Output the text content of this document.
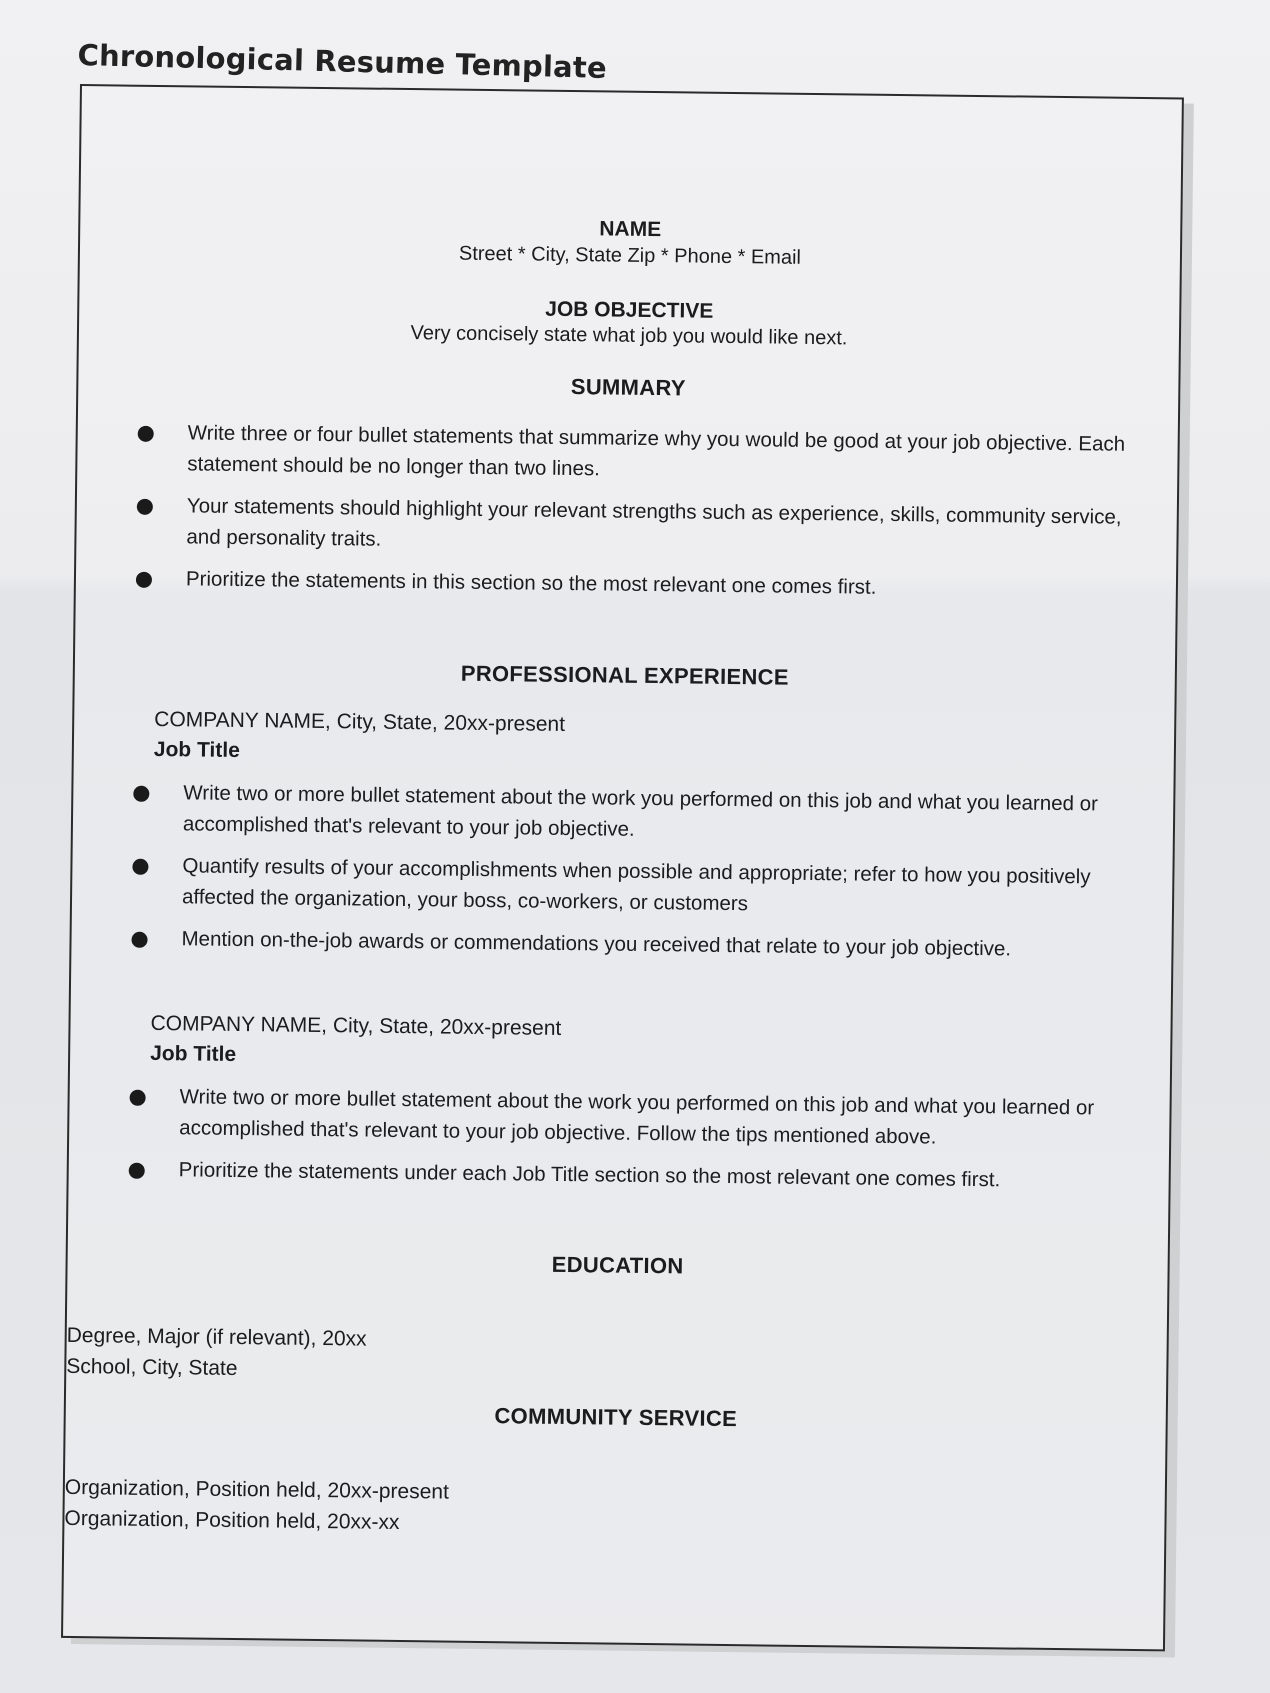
Chronological Resume Template
NAME
Street * City, State Zip * Phone * Email
JOB OBJECTIVE
Very concisely state what job you would like next.
SUMMARY
Write three or four bullet statements that summarize why you would be good at your job objective. Each statement should be no longer than two lines.
Your statements should highlight your relevant strengths such as experience, skills, community service, and personality traits.
Prioritize the statements in this section so the most relevant one comes first.
PROFESSIONAL EXPERIENCE
COMPANY NAME, City, State, 20xx-present
Job Title
Write two or more bullet statement about the work you performed on this job and what you learned or accomplished that's relevant to your job objective.
Quantify results of your accomplishments when possible and appropriate; refer to how you positively affected the organization, your boss, co-workers, or customers
Mention on-the-job awards or commendations you received that relate to your job objective.
COMPANY NAME, City, State, 20xx-present
Job Title
Write two or more bullet statement about the work you performed on this job and what you learned or accomplished that's relevant to your job objective. Follow the tips mentioned above.
Prioritize the statements under each Job Title section so the most relevant one comes first.
EDUCATION
Degree, Major (if relevant), 20xx
School, City, State
COMMUNITY SERVICE
Organization, Position held, 20xx-present
Organization, Position held, 20xx-xx
